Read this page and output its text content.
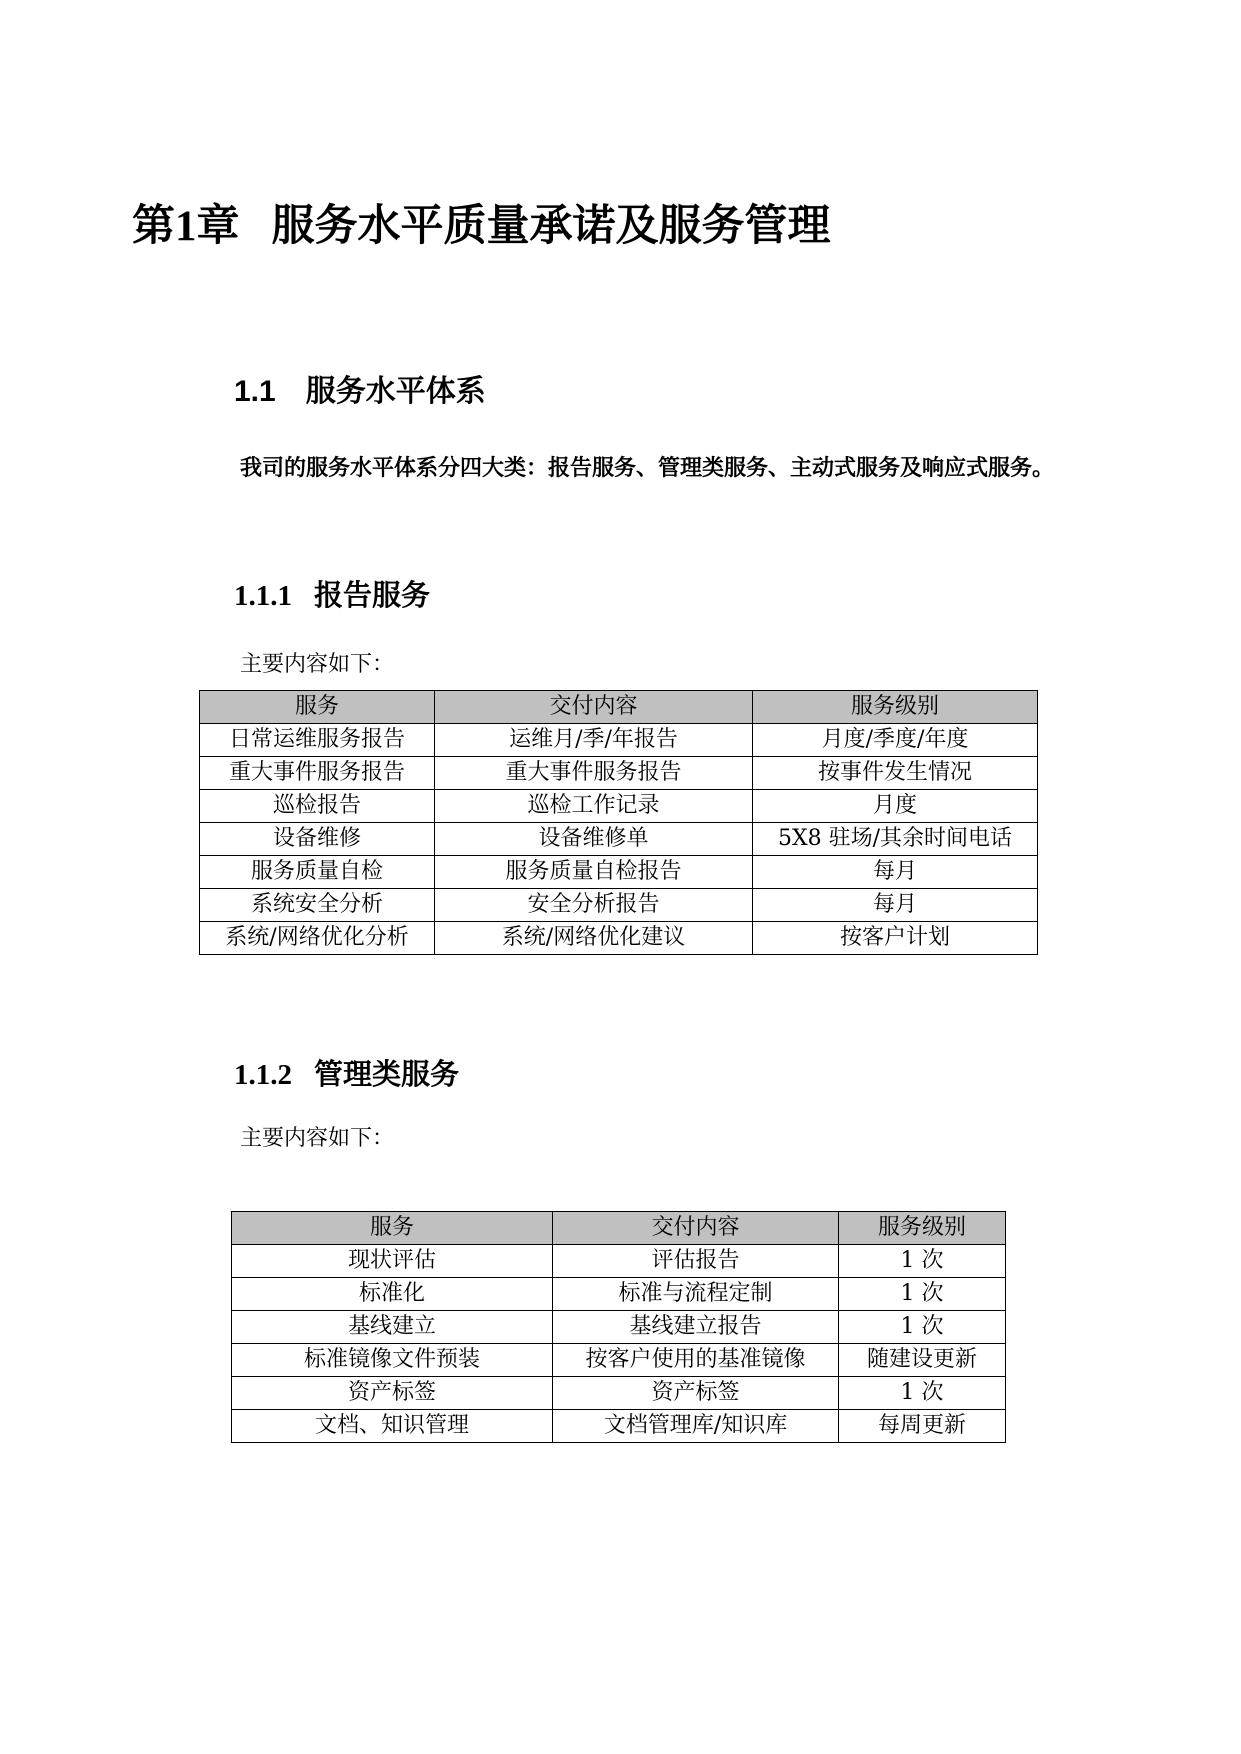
第1章 服务水平质量承诺及服务管理
1.1 服务水平体系

我司的服务水平体系分四大类：报告服务、管理类服务、主动式服务及响应式服务。

1.1.1 报告服务

主要内容如下：

服务	交付内容	服务级别
日常运维服务报告	运维月/季/年报告	月度/季度/年度
重大事件服务报告	重大事件服务报告	按事件发生情况
巡检报告	巡检工作记录	月度
设备维修	设备维修单	5X8 驻场/其余时间电话
服务质量自检	服务质量自检报告	每月
系统安全分析	安全分析报告	每月
系统/网络优化分析	系统/网络优化建议	按客户计划
1.1.2 管理类服务

主要内容如下：

服务	交付内容	服务级别
现状评估	评估报告	1 次
标准化	标准与流程定制	1 次
基线建立	基线建立报告	1 次
标准镜像文件预装	按客户使用的基准镜像	随建设更新
资产标签	资产标签	1 次
文档、知识管理	文档管理库/知识库	每周更新
